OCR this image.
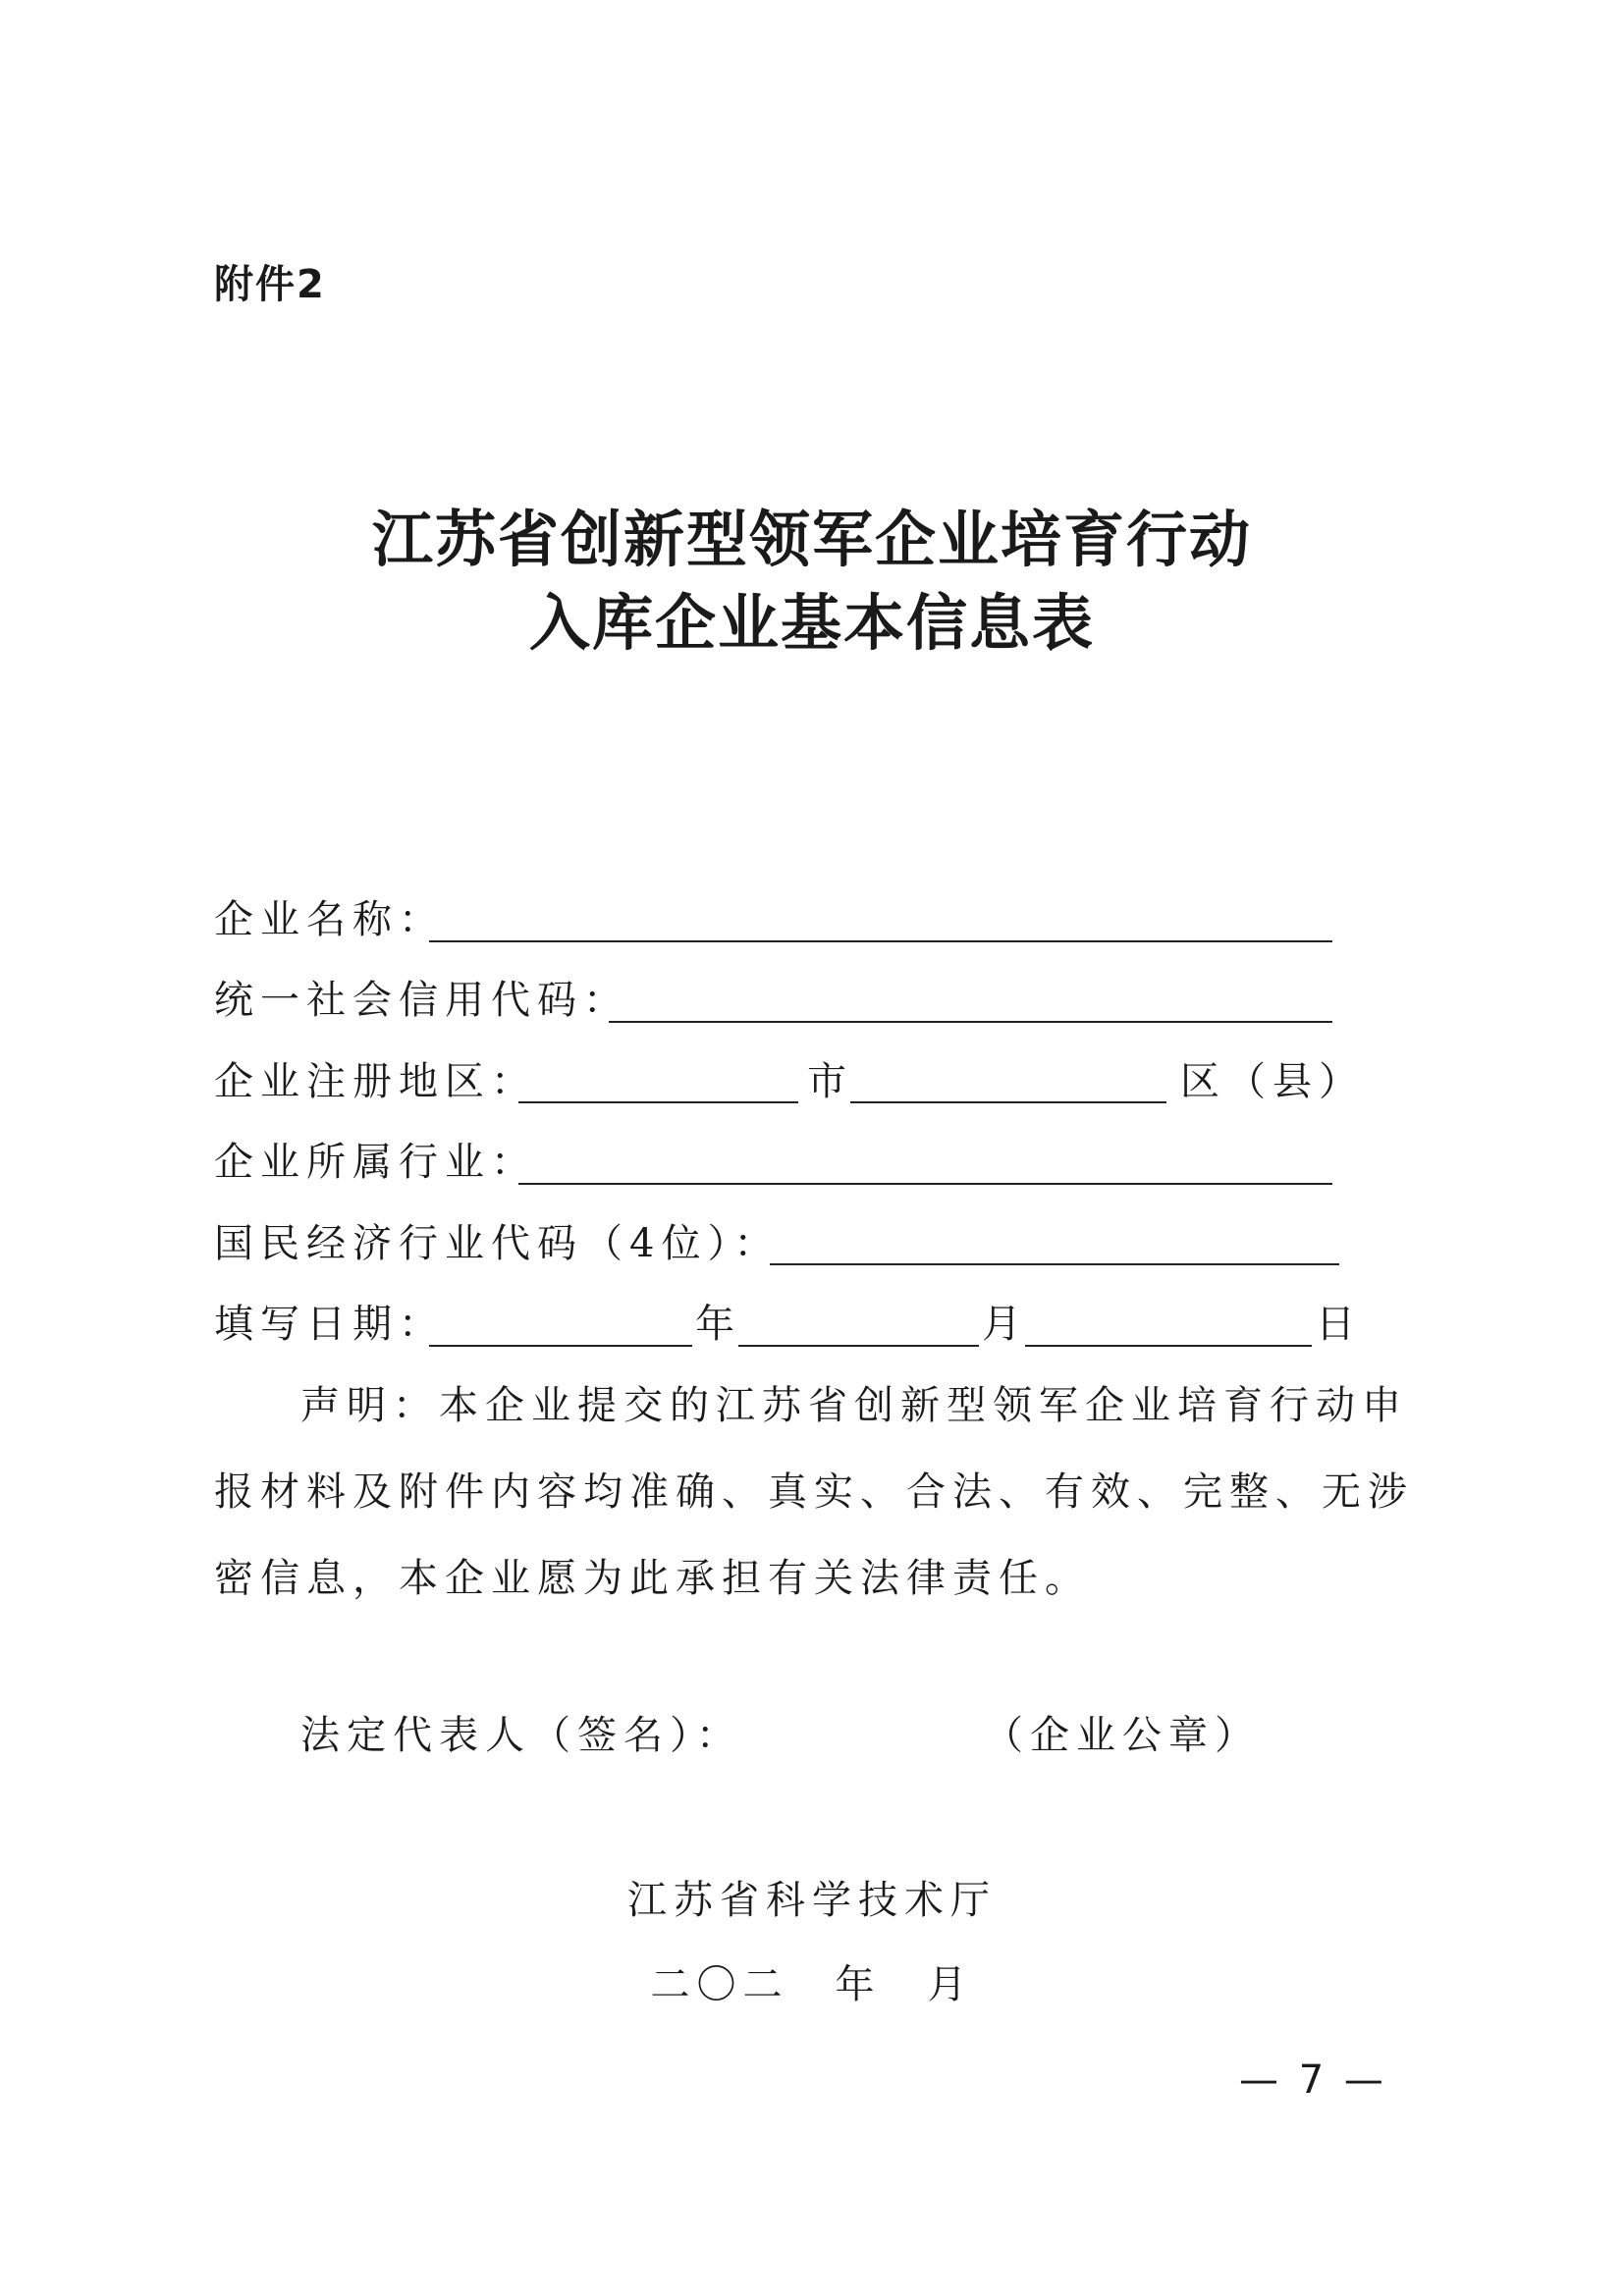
附件2
江苏省创新型领军企业培育行动
入库企业基本信息表
企业名称：
统一社会信用代码：
企业注册地区：	市	区（县）
企业所属行业：
国民经济行业代码（4位）：
填写日期：	年	月	日
声明：本企业提交的江苏省创新型领军企业培育行动申报材料及附件内容均准确、真实、合法、有效、完整、无涉密信息，本企业愿为此承担有关法律责任。
法定代表人（签名）：	（企业公章）
江苏省科学技术厅
二〇二　年　月
— 7 —
